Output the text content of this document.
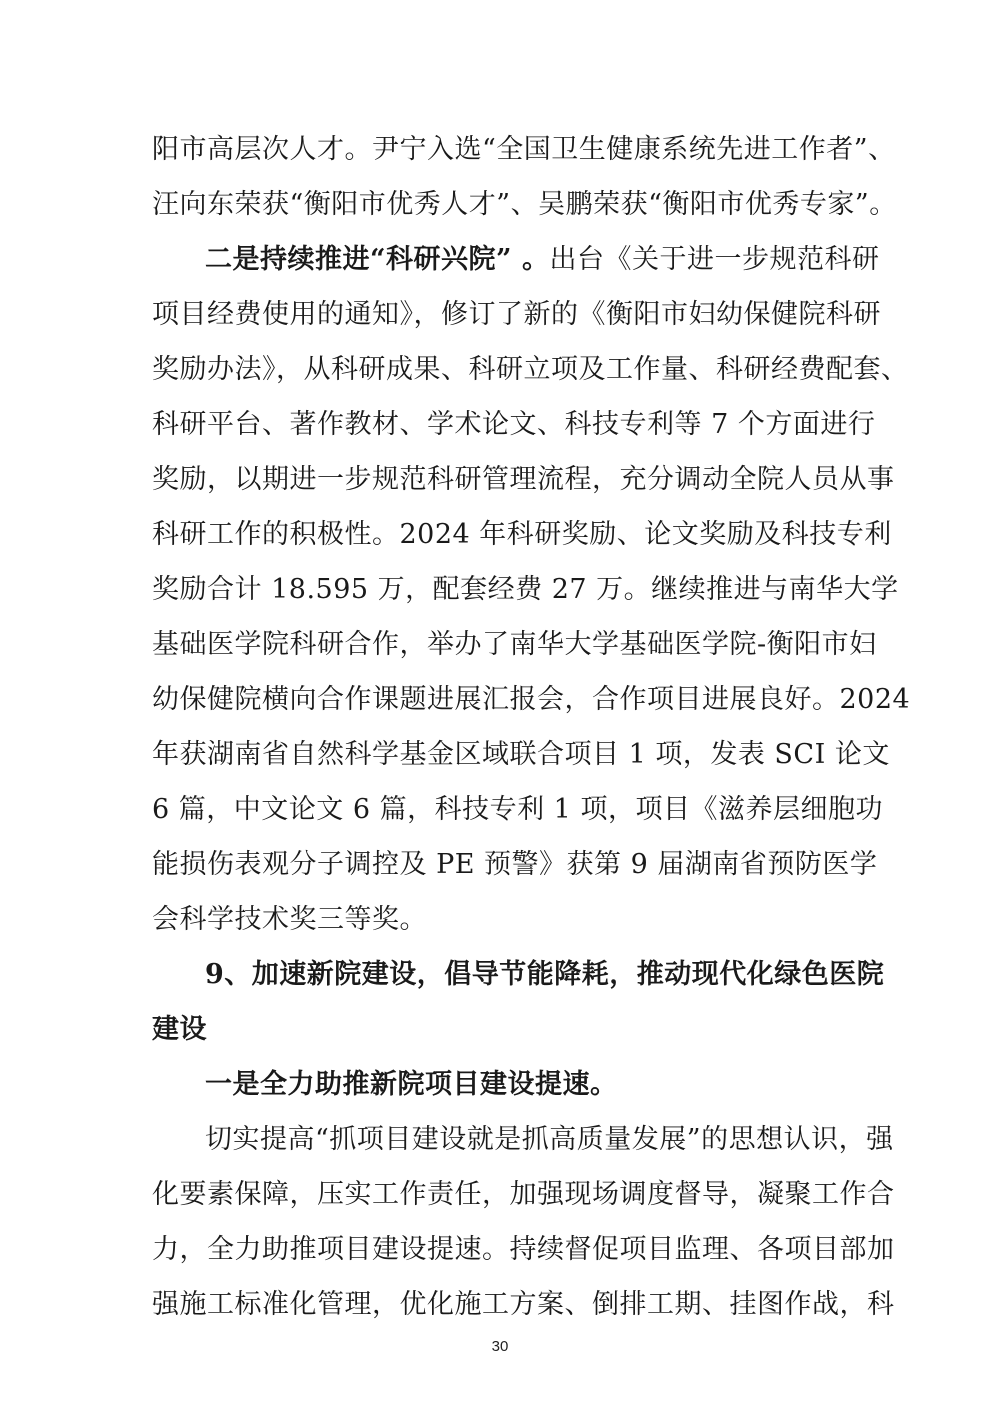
阳市高层次人才。尹宁入选“全国卫生健康系统先进工作者”、
汪向东荣获“衡阳市优秀人才”、吴鹏荣获“衡阳市优秀专家”。
二是持续推进“科研兴院” 。出台《关于进一步规范科研
项目经费使用的通知》，修订了新的《衡阳市妇幼保健院科研
奖励办法》，从科研成果、科研立项及工作量、科研经费配套、
科研平台、著作教材、学术论文、科技专利等 7 个方面进行
奖励，以期进一步规范科研管理流程，充分调动全院人员从事
科研工作的积极性。2024 年科研奖励、论文奖励及科技专利
奖励合计 18.595 万，配套经费 27 万。继续推进与南华大学
基础医学院科研合作，举办了南华大学基础医学院-衡阳市妇
幼保健院横向合作课题进展汇报会，合作项目进展良好。2024
年获湖南省自然科学基金区域联合项目 1 项，发表 SCI 论文
6 篇，中文论文 6 篇，科技专利 1 项，项目《滋养层细胞功
能损伤表观分子调控及 PE 预警》获第 9 届湖南省预防医学
会科学技术奖三等奖。
9、加速新院建设，倡导节能降耗，推动现代化绿色医院
建设
一是全力助推新院项目建设提速。
切实提高“抓项目建设就是抓高质量发展”的思想认识，强
化要素保障，压实工作责任，加强现场调度督导，凝聚工作合
力，全力助推项目建设提速。持续督促项目监理、各项目部加
强施工标准化管理，优化施工方案、倒排工期、挂图作战，科
30
